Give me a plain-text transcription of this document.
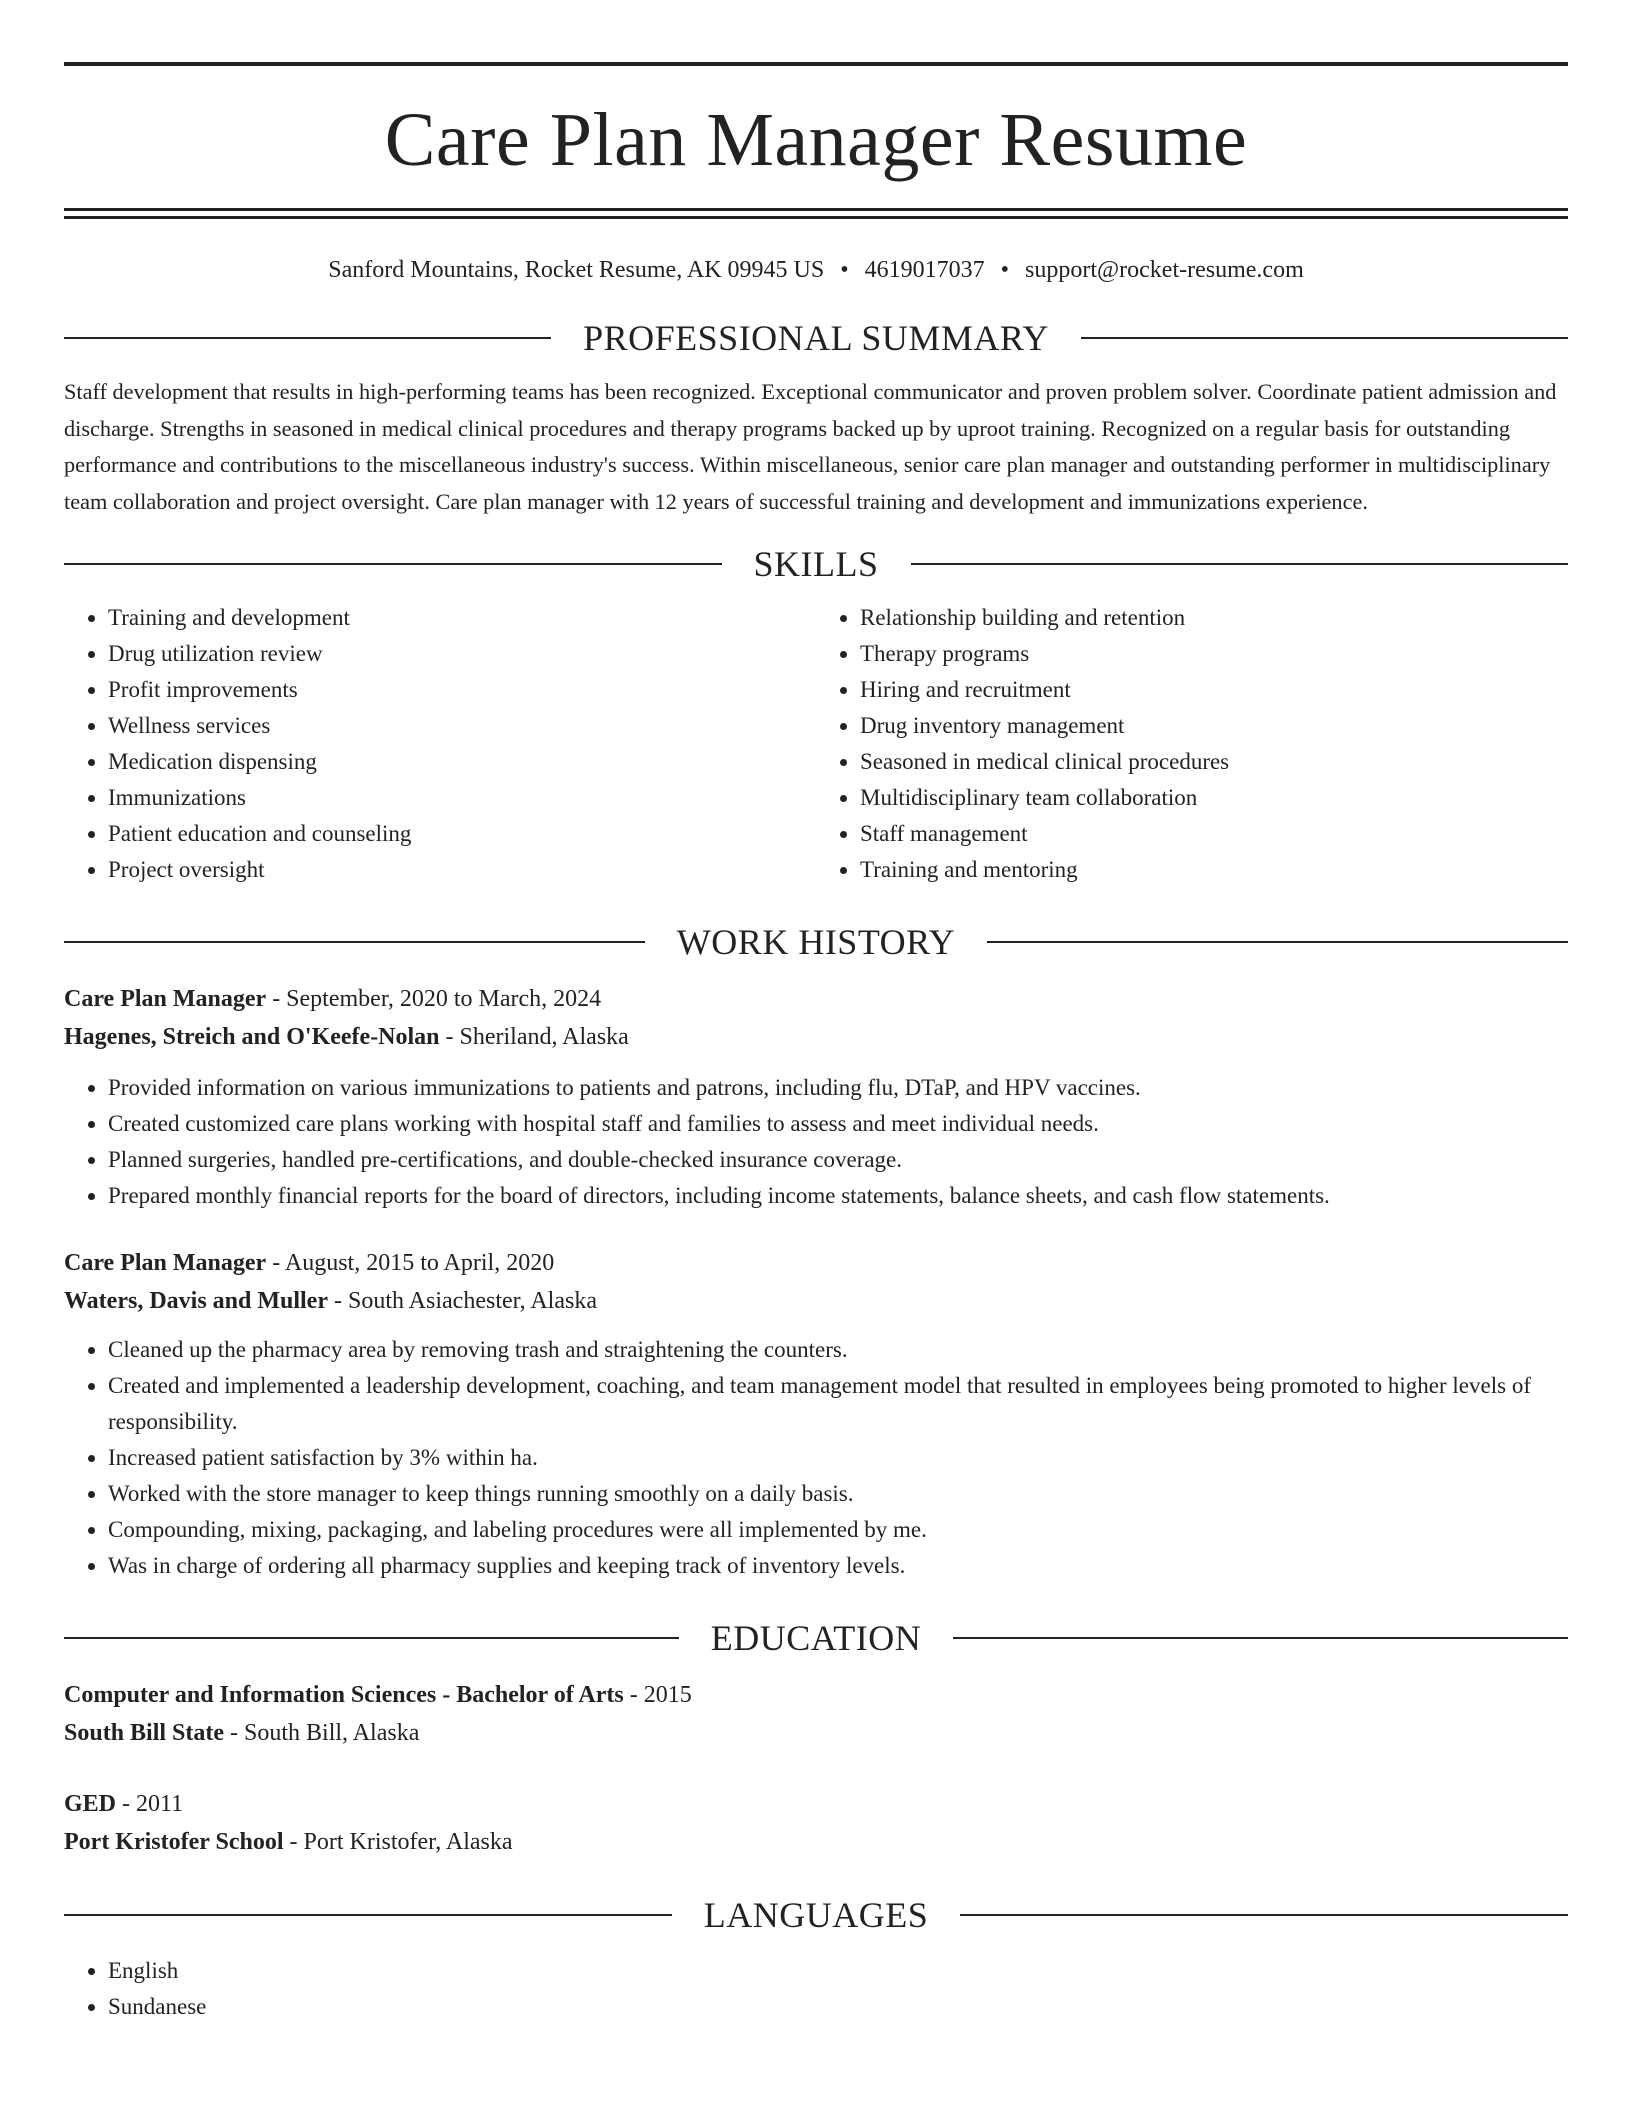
Care Plan Manager Resume
Sanford Mountains, Rocket Resume, AK 09945 US • 4619017037 • support@rocket-resume.com
PROFESSIONAL SUMMARY
Staff development that results in high-performing teams has been recognized. Exceptional communicator and proven problem solver. Coordinate patient admission and discharge. Strengths in seasoned in medical clinical procedures and therapy programs backed up by uproot training. Recognized on a regular basis for outstanding performance and contributions to the miscellaneous industry's success. Within miscellaneous, senior care plan manager and outstanding performer in multidisciplinary team collaboration and project oversight. Care plan manager with 12 years of successful training and development and immunizations experience.
SKILLS
• Training and development
• Drug utilization review
• Profit improvements
• Wellness services
• Medication dispensing
• Immunizations
• Patient education and counseling
• Project oversight
• Relationship building and retention
• Therapy programs
• Hiring and recruitment
• Drug inventory management
• Seasoned in medical clinical procedures
• Multidisciplinary team collaboration
• Staff management
• Training and mentoring
WORK HISTORY
Care Plan Manager - September, 2020 to March, 2024
Hagenes, Streich and O'Keefe-Nolan - Sheriland, Alaska
• Provided information on various immunizations to patients and patrons, including flu, DTaP, and HPV vaccines.
• Created customized care plans working with hospital staff and families to assess and meet individual needs.
• Planned surgeries, handled pre-certifications, and double-checked insurance coverage.
• Prepared monthly financial reports for the board of directors, including income statements, balance sheets, and cash flow statements.
Care Plan Manager - August, 2015 to April, 2020
Waters, Davis and Muller - South Asiachester, Alaska
• Cleaned up the pharmacy area by removing trash and straightening the counters.
• Created and implemented a leadership development, coaching, and team management model that resulted in employees being promoted to higher levels of responsibility.
• Increased patient satisfaction by 3% within ha.
• Worked with the store manager to keep things running smoothly on a daily basis.
• Compounding, mixing, packaging, and labeling procedures were all implemented by me.
• Was in charge of ordering all pharmacy supplies and keeping track of inventory levels.
EDUCATION
Computer and Information Sciences - Bachelor of Arts - 2015
South Bill State - South Bill, Alaska
GED - 2011
Port Kristofer School - Port Kristofer, Alaska
LANGUAGES
• English
• Sundanese
